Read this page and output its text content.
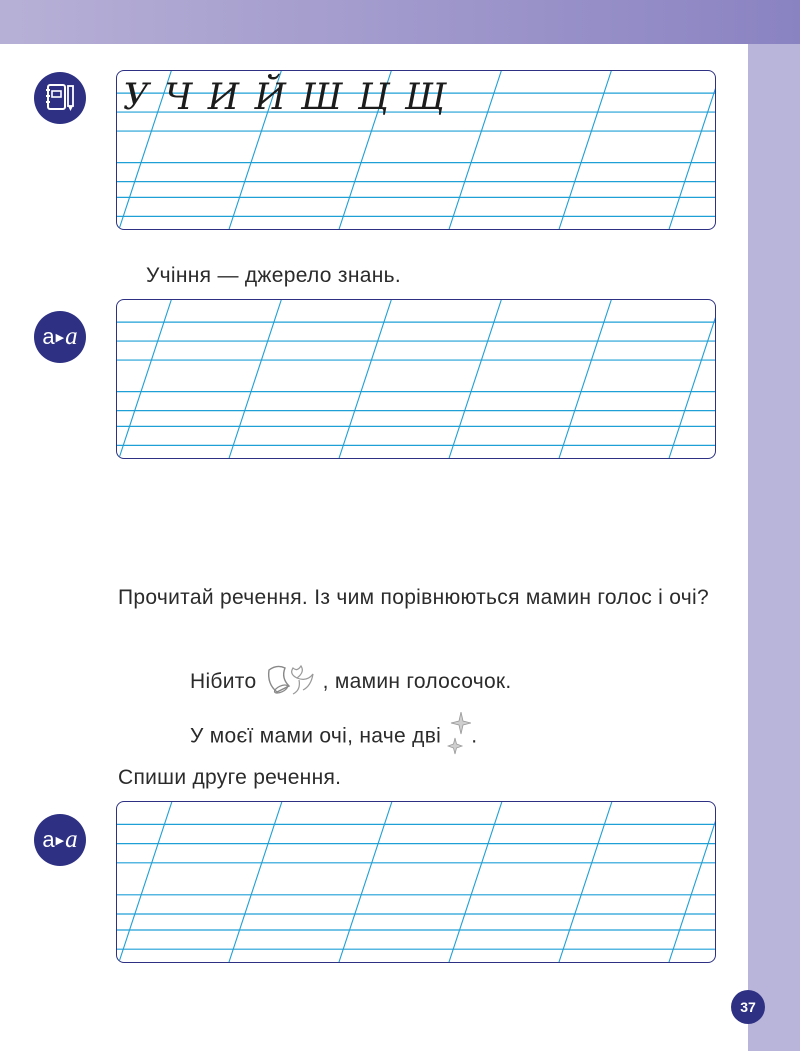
У Ч И Й Ш Ц Щ
Учіння — джерело знань.
а ▶ а
Прочитай речення. Із чим порівнюються мамин голос і очі?
Нібито	, мамин голосочок.
У моєї мами очі, наче дві .
Спиши друге речення.
а ▶ а
37
